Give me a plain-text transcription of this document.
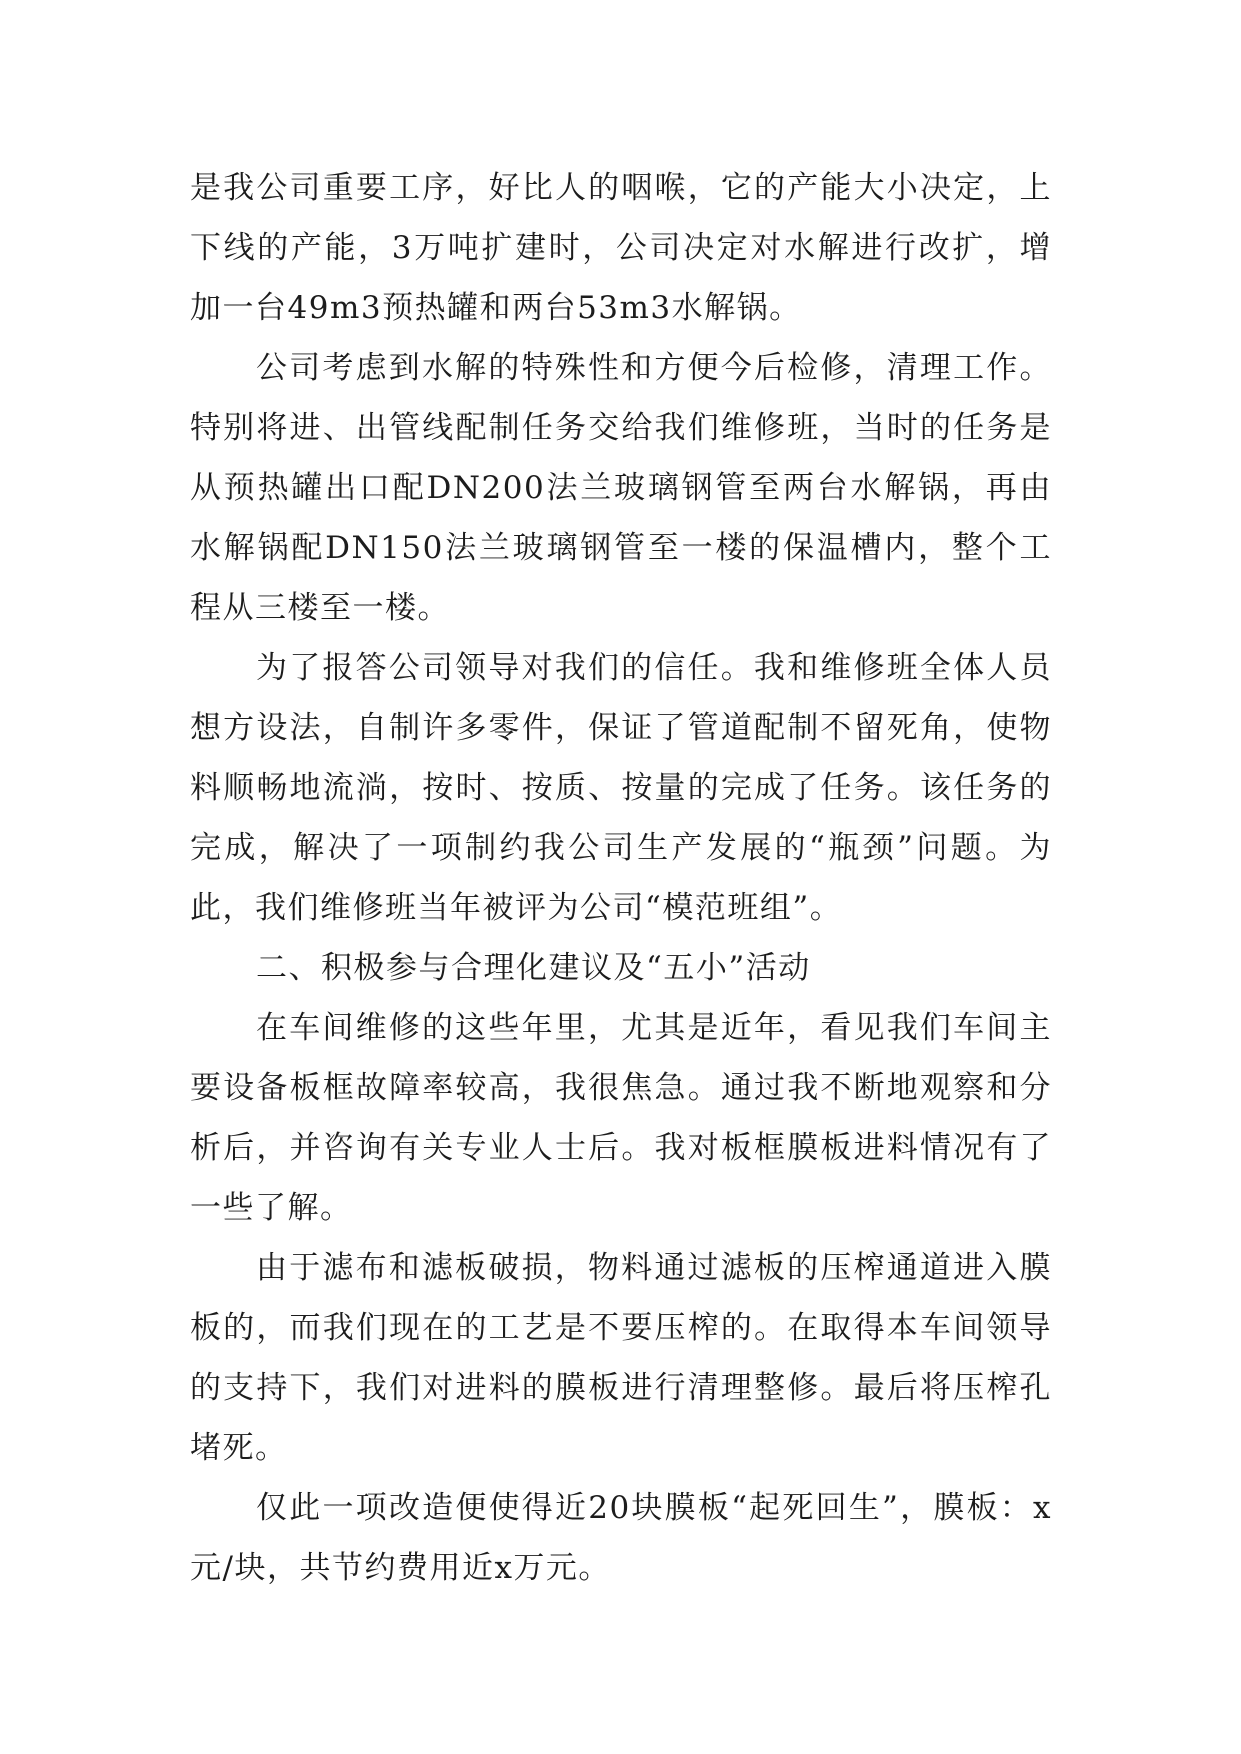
是我公司重要工序，好比人的咽喉，它的产能大小决定，上下线的产能，3万吨扩建时，公司决定对水解进行改扩，增加一台49m3预热罐和两台53m3水解锅。

公司考虑到水解的特殊性和方便今后检修，清理工作。特别将进、出管线配制任务交给我们维修班，当时的任务是从预热罐出口配DN200法兰玻璃钢管至两台水解锅，再由水解锅配DN150法兰玻璃钢管至一楼的保温槽内，整个工程从三楼至一楼。

为了报答公司领导对我们的信任。我和维修班全体人员想方设法，自制许多零件，保证了管道配制不留死角，使物料顺畅地流淌，按时、按质、按量的完成了任务。该任务的完成，解决了一项制约我公司生产发展的“瓶颈”问题。为此，我们维修班当年被评为公司“模范班组”。

二、积极参与合理化建议及“五小”活动

在车间维修的这些年里，尤其是近年，看见我们车间主要设备板框故障率较高，我很焦急。通过我不断地观察和分析后，并咨询有关专业人士后。我对板框膜板进料情况有了一些了解。

由于滤布和滤板破损，物料通过滤板的压榨通道进入膜板的，而我们现在的工艺是不要压榨的。在取得本车间领导的支持下，我们对进料的膜板进行清理整修。最后将压榨孔堵死。

仅此一项改造便使得近20块膜板“起死回生”，膜板：x元/块，共节约费用近x万元。
